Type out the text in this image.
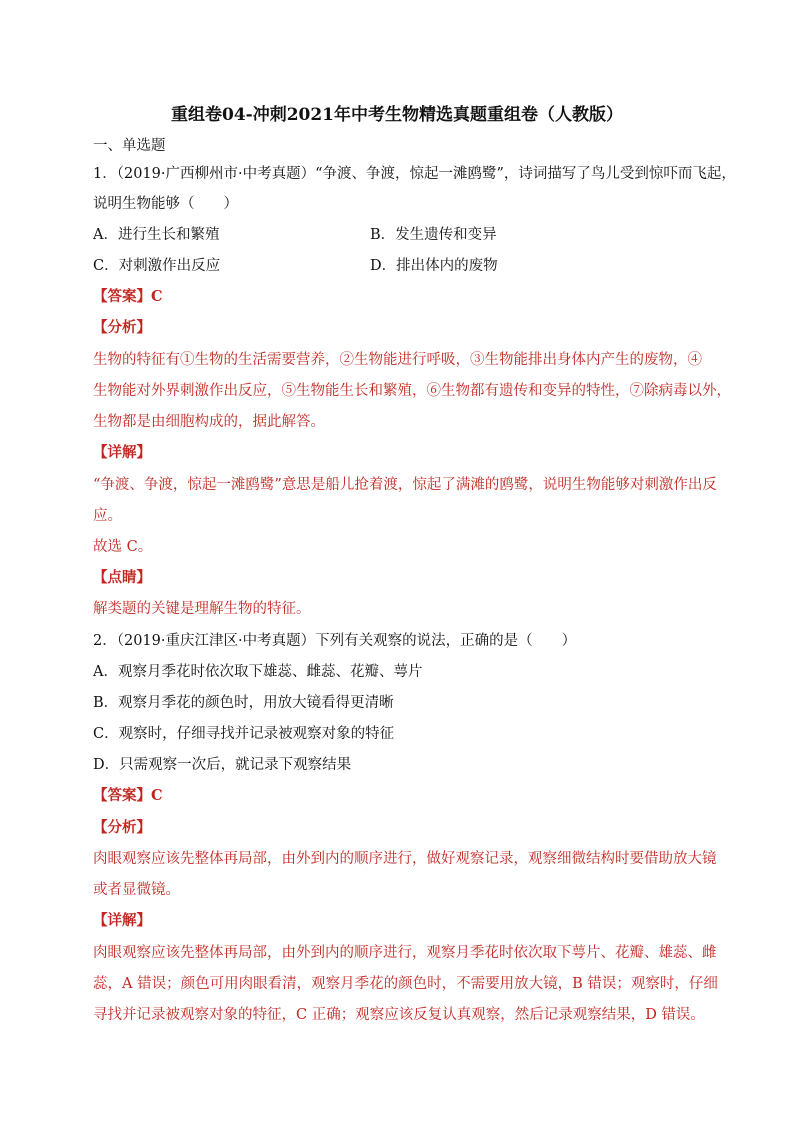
重组卷04-冲刺2021年中考生物精选真题重组卷（人教版）
一、单选题
1．（2019·广西柳州市·中考真题）“争渡、争渡，惊起一滩鸥鹭”，诗词描写了鸟儿受到惊吓而飞起，
说明生物能够（　　）
A．进行生长和繁殖	B．发生遗传和变异
C．对刺激作出反应	D．排出体内的废物
【答案】C
【分析】
生物的特征有①生物的生活需要营养，②生物能进行呼吸，③生物能排出身体内产生的废物，④
生物能对外界刺激作出反应，⑤生物能生长和繁殖，⑥生物都有遗传和变异的特性，⑦除病毒以外，
生物都是由细胞构成的，据此解答。
【详解】
“争渡、争渡，惊起一滩鸥鹭”意思是船儿抢着渡，惊起了满滩的鸥鹭，说明生物能够对刺激作出反
应。
故选 C。
【点睛】
解类题的关键是理解生物的特征。
2．（2019·重庆江津区·中考真题）下列有关观察的说法，正确的是（　　）
A．观察月季花时依次取下雄蕊、雌蕊、花瓣、萼片
B．观察月季花的颜色时，用放大镜看得更清晰
C．观察时，仔细寻找并记录被观察对象的特征
D．只需观察一次后，就记录下观察结果
【答案】C
【分析】
肉眼观察应该先整体再局部，由外到内的顺序进行，做好观察记录，观察细微结构时要借助放大镜
或者显微镜。
【详解】
肉眼观察应该先整体再局部，由外到内的顺序进行，观察月季花时依次取下萼片、花瓣、雄蕊、雌
蕊，A 错误；颜色可用肉眼看清，观察月季花的颜色时，不需要用放大镜，B 错误；观察时，仔细
寻找并记录被观察对象的特征，C 正确；观察应该反复认真观察，然后记录观察结果，D 错误。
